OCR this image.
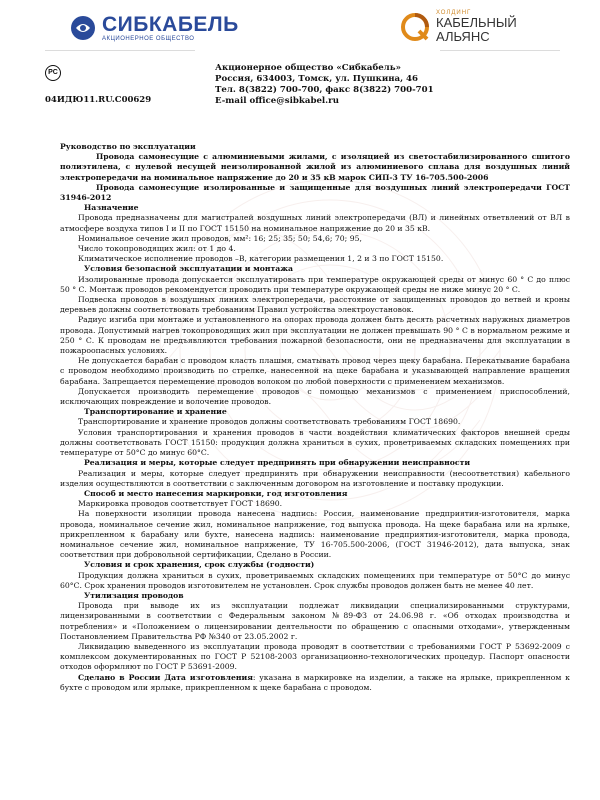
СИБКАБЕЛЬ
АКЦИОНЕРНОЕ ОБЩЕСТВО
ХОЛДИНГ
КАБЕЛЬНЫЙ
АЛЬЯНС
PC
04ИДЮ11.RU.C00629
Акционерное общество «Сибкабель»
Россия, 634003, Томск, ул. Пушкина, 46
Тел. 8(3822) 700-700, факс 8(3822) 700-701
E-mail office@sibkabel.ru

Руководство по эксплуатации

Провода самонесущие с алюминиевыми жилами, с изоляцией из светостабилизированного сшитого полиэтилена, с нулевой несущей неизолированной жилой из алюминиевого сплава для воздушных линий электропередачи на номинальное напряжение до 20 и 35 кВ марок СИП-3 ТУ 16-705.500-2006

Провода самонесущие изолированные и защищенные для воздушных линий электропередачи ГОСТ 31946-2012

Назначение

Провода предназначены для магистралей воздушных линий электропередачи (ВЛ) и линейных ответвлений от ВЛ в атмосфере воздуха типов I и II по ГОСТ 15150 на номинальное напряжение до 20 и 35 кВ.

Номинальное сечение жил проводов, мм²: 16; 25; 35; 50; 54,6; 70; 95,

Число токопроводящих жил: от 1 до 4.

Климатическое исполнение проводов –В, категории размещения 1, 2 и 3 по ГОСТ 15150.

Условия безопасной эксплуатации и монтажа

Изолированные провода допускается эксплуатировать при температуре окружающей среды от минус 60 ° С до плюс 50 ° С. Монтаж проводов рекомендуется проводить при температуре окружающей среды не ниже минус 20 ° С.

Подвеска проводов в воздушных линиях электропередачи, расстояние от защищенных проводов до ветвей и кроны деревьев должны соответствовать требованиям Правил устройства электроустановок.

Радиус изгиба при монтаже и установленного на опорах провода должен быть десять расчетных наружных диаметров провода. Допустимый нагрев токопроводящих жил при эксплуатации не должен превышать 90 ° С в нормальном режиме и 250 ° С. К проводам не предъявляются требования пожарной безопасности, они не предназначены для эксплуатации в пожароопасных условиях.

Не допускается барабан с проводом класть плашмя, сматывать провод через щеку барабана. Перекатывание барабана с проводом необходимо производить по стрелке, нанесенной на щеке барабана и указывающей направление вращения барабана. Запрещается перемещение проводов волоком по любой поверхности с применением механизмов.

Допускается производить перемещение проводов с помощью механизмов с применением приспособлений, исключающих повреждение и волочение проводов.

Транспортирование и хранение

Транспортирование и хранение проводов должны соответствовать требованиям ГОСТ 18690.

Условия транспортирования и хранения проводов в части воздействия климатических факторов внешней среды должны соответствовать ГОСТ 15150: продукция должна храниться в сухих, проветриваемых складских помещениях при температуре от 50°С до минус 60°С.

Реализация и меры, которые следует предпринять при обнаружении неисправности

Реализация и меры, которые следует предпринять при обнаружении неисправности (несоответствия) кабельного изделия осуществляются в соответствии с заключенным договором на изготовление и поставку продукции.

Способ и место нанесения маркировки, год изготовления

Маркировка проводов соответствует ГОСТ 18690.

На поверхности изоляции провода нанесена надпись: Россия, наименование предприятия-изготовителя, марка провода, номинальное сечение жил, номинальное напряжение, год выпуска провода. На щеке барабана или на ярлыке, прикрепленном к барабану или бухте, нанесена надпись: наименование предприятия-изготовителя, марка провода, номинальное сечение жил, номинальное напряжение, ТУ 16-705.500-2006, (ГОСТ 31946-2012), дата выпуска, знак соответствия при добровольной сертификации, Сделано в России.

Условия и срок хранения, срок службы (годности)

Продукция должна храниться в сухих, проветриваемых складских помещениях при температуре от 50°С до минус 60°С. Срок хранения проводов изготовителем не установлен. Срок службы проводов должен быть не менее 40 лет.

Утилизация проводов

Провода при выводе их из эксплуатации подлежат ликвидации специализированными структурами, лицензированными в соответствии с Федеральным законом №89-ФЗ от 24.06.98 г. «Об отходах производства и потребления» и «Положением о лицензировании деятельности по обращению с опасными отходами», утвержденным Постановлением Правительства РФ №340 от 23.05.2002 г.

Ликвидацию выведенного из эксплуатации провода проводят в соответствии с требованиями ГОСТ Р 53692-2009 с комплексом документированных по ГОСТ Р 52108-2003 организационно-технологических процедур. Паспорт опасности отходов оформляют по ГОСТ Р 53691-2009.

Сделано в России Дата изготовления: указана в маркировке на изделии, а также на ярлыке, прикрепленном к бухте с проводом или ярлыке, прикрепленном к щеке барабана с проводом.
